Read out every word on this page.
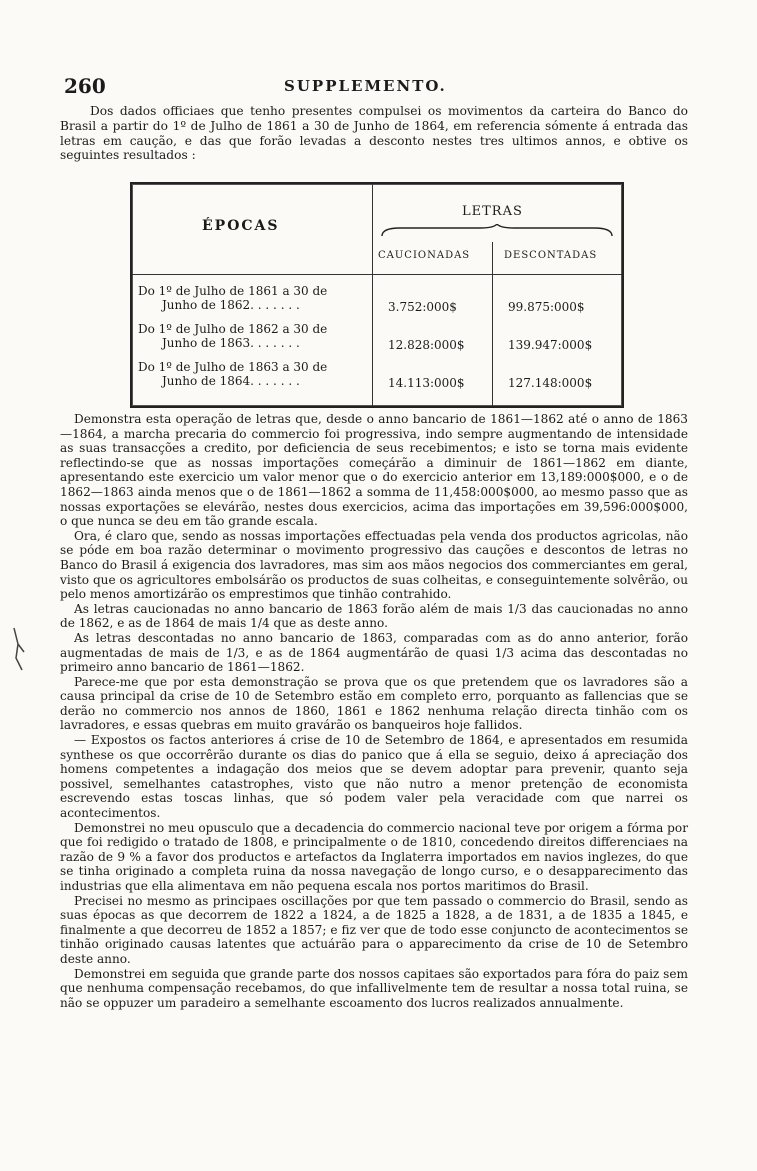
260	SUPPLEMENTO.

Dos dados officiaes que tenho presentes compulsei os movimentos da carteira do Banco do Brasil a partir do 1º de Julho de 1861 a 30 de Junho de 1864, em referencia sómente á entrada das letras em caução, e das que forão levadas a desconto nestes tres ultimos annos, e obtive os seguintes resultados :

ÉPOCAS
LETRAS
CAUCIONADAS	DESCONTADAS
Do 1º de Julho de 1861 a 30 de
Junho de 1862. . . . . . .	3.752:000$	99.875:000$
Do 1º de Julho de 1862 a 30 de
Junho de 1863. . . . . . .	12.828:000$	139.947:000$
Do 1º de Julho de 1863 a 30 de
Junho de 1864. . . . . . .	14.113:000$	127.148:000$

Demonstra esta operação de letras que, desde o anno bancario de 1861—1862 até o anno de 1863—1864, a marcha precaria do commercio foi progressiva, indo sempre augmentando de intensidade as suas transacções a credito, por deficiencia de seus recebimentos; e isto se torna mais evidente reflectindo-se que as nossas importações começárão a diminuir de 1861—1862 em diante, apresentando este exercicio um valor menor que o do exercicio anterior em 13,189:000$000, e o de 1862—1863 ainda menos que o de 1861—1862 a somma de 11,458:000$000, ao mesmo passo que as nossas exportações se elevárão, nestes dous exercicios, acima das importações em 39,596:000$000, o que nunca se deu em tão grande escala.

Ora, é claro que, sendo as nossas importações effectuadas pela venda dos productos agricolas, não se póde em boa razão determinar o movimento progressivo das cauções e descontos de letras no Banco do Brasil á exigencia dos lavradores, mas sim aos mãos negocios dos commerciantes em geral, visto que os agricultores embolsárão os productos de suas colheitas, e conseguintemente solvêrão, ou pelo menos amortizárão os emprestimos que tinhão contrahido.

As letras caucionadas no anno bancario de 1863 forão além de mais 1/3 das caucionadas no anno de 1862, e as de 1864 de mais 1/4 que as deste anno.

As letras descontadas no anno bancario de 1863, comparadas com as do anno anterior, forão augmentadas de mais de 1/3, e as de 1864 augmentárão de quasi 1/3 acima das descontadas no primeiro anno bancario de 1861—1862.

Parece-me que por esta demonstração se prova que os que pretendem que os lavradores são a causa principal da crise de 10 de Setembro estão em completo erro, porquanto as fallencias que se derão no commercio nos annos de 1860, 1861 e 1862 nenhuma relação directa tinhão com os lavradores, e essas quebras em muito gravárão os banqueiros hoje fallidos.

— Expostos os factos anteriores á crise de 10 de Setembro de 1864, e apresentados em resumida synthese os que occorrêrão durante os dias do panico que á ella se seguio, deixo á apreciação dos homens competentes a indagação dos meios que se devem adoptar para prevenir, quanto seja possivel, semelhantes catastrophes, visto que não nutro a menor pretenção de economista escrevendo estas toscas linhas, que só podem valer pela veracidade com que narrei os acontecimentos.

Demonstrei no meu opusculo que a decadencia do commercio nacional teve por origem a fórma por que foi redigido o tratado de 1808, e principalmente o de 1810, concedendo direitos differenciaes na razão de 9 % a favor dos productos e artefactos da Inglaterra importados em navios inglezes, do que se tinha originado a completa ruina da nossa navegação de longo curso, e o desapparecimento das industrias que ella alimentava em não pequena escala nos portos maritimos do Brasil.

Precisei no mesmo as principaes oscillações por que tem passado o commercio do Brasil, sendo as suas épocas as que decorrem de 1822 a 1824, a de 1825 a 1828, a de 1831, a de 1835 a 1845, e finalmente a que decorreu de 1852 a 1857; e fiz ver que de todo esse conjuncto de acontecimentos se tinhão originado causas latentes que actuárão para o apparecimento da crise de 10 de Setembro deste anno.

Demonstrei em seguida que grande parte dos nossos capitaes são exportados para fóra do paiz sem que nenhuma compensação recebamos, do que infallivelmente tem de resultar a nossa total ruina, se não se oppuzer um paradeiro a semelhante escoamento dos lucros realizados annualmente.
